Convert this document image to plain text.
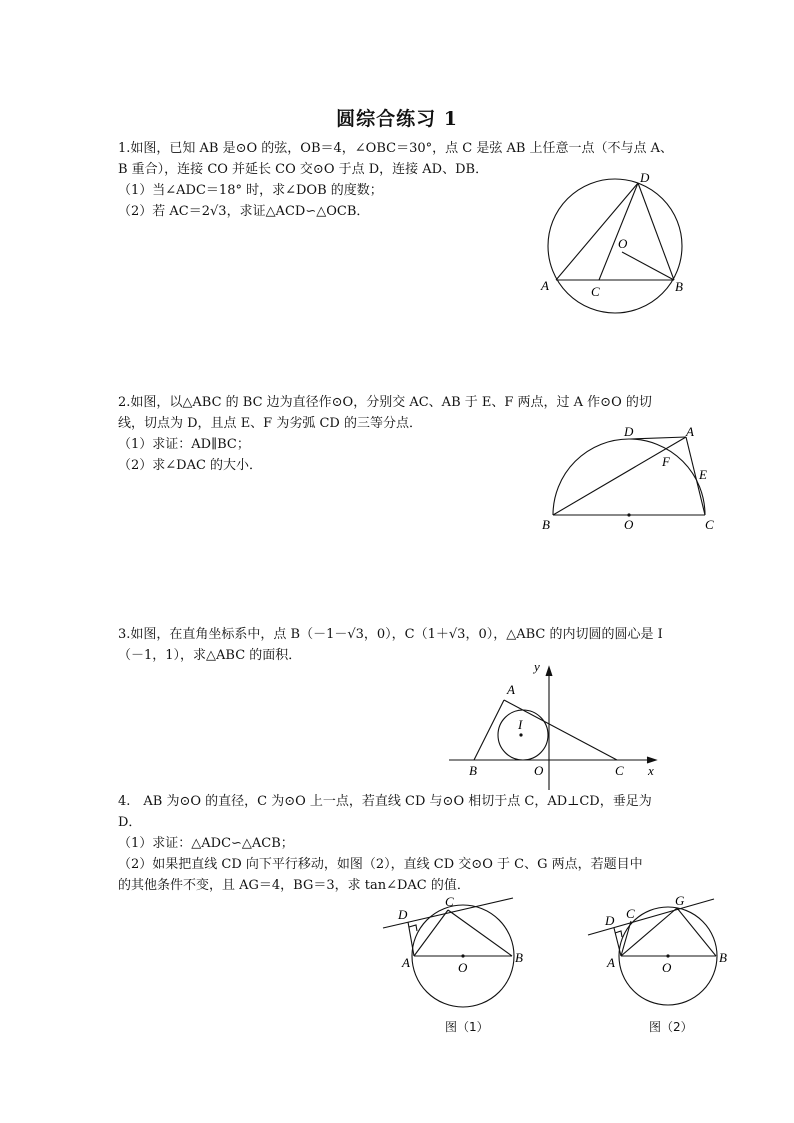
圆综合练习 1
1.如图，已知 AB 是⊙O 的弦，OB＝4，∠OBC＝30°，点 C 是弦 AB 上任意一点（不与点 A、
B 重合），连接 CO 并延长 CO 交⊙O 于点 D，连接 AD、DB．
（1）当∠ADC＝18° 时，求∠DOB 的度数；
（2）若 AC＝2√3，求证△ACD∽△OCB．
D
O
A	C	B
2.如图，以△ABC 的 BC 边为直径作⊙O，分别交 AC、AB 于 E、F 两点，过 A 作⊙O 的切
线，切点为 D，且点 E、F 为劣弧 CD 的三等分点．
（1）求证：AD∥BC；
（2）求∠DAC 的大小．
D	A
F
E
B	O	C
3.如图，在直角坐标系中，点 B（－1－√3，0），C（1＋√3，0），△ABC 的内切圆的圆心是 I
（－1，1），求△ABC 的面积．
y
A
I
B	O	C x
4.　AB 为⊙O 的直径，C 为⊙O 上一点，若直线 CD 与⊙O 相切于点 C，AD⊥CD，垂足为
D．
（1）求证：△ADC∽△ACB；
（2）如果把直线 CD 向下平行移动，如图（2），直线 CD 交⊙O 于 C、G 两点，若题目中
的其他条件不变，且 AG＝4，BG＝3，求 tan∠DAC 的值．
D
C
A	O
B
图（1）
D C
G
A	O
B
图（2）
